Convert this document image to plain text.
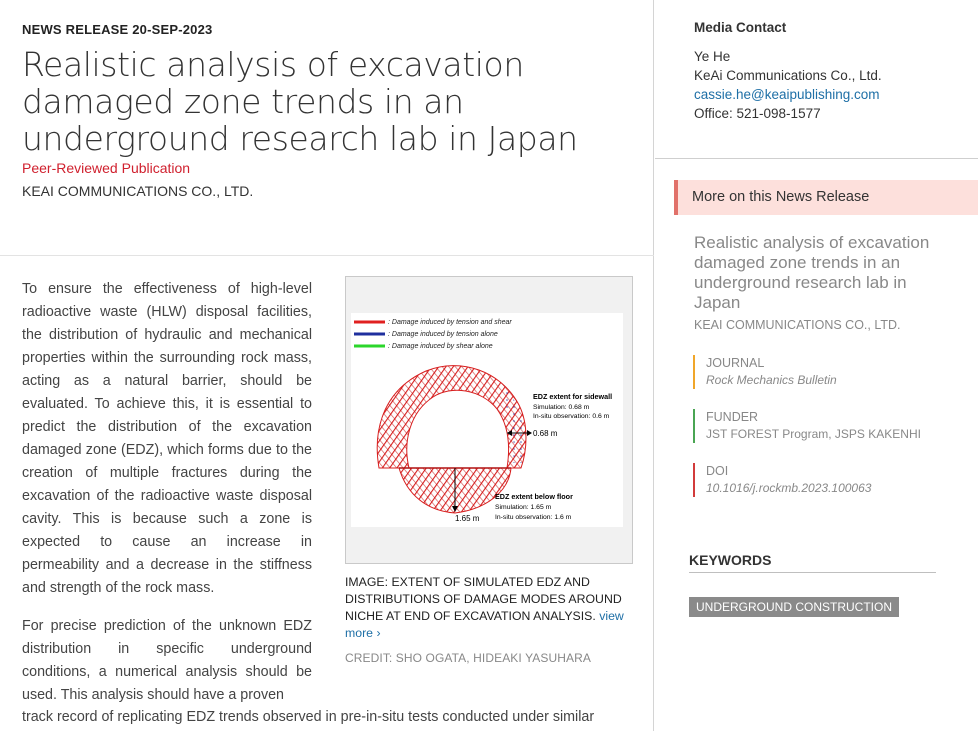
NEWS RELEASE 20-SEP-2023
Realistic analysis of excavation damaged zone trends in an underground research lab in Japan
Peer-Reviewed Publication
KEAI COMMUNICATIONS CO., LTD.

To ensure the effectiveness of high-level radioactive waste (HLW) disposal facilities, the distribution of hydraulic and mechanical properties within the surrounding rock mass, acting as a natural barrier, should be evaluated. To achieve this, it is essential to predict the distribution of the excavation damaged zone (EDZ), which forms due to the creation of multiple fractures during the excavation of the radioactive waste disposal cavity. This is because such a zone is expected to cause an increase in permeability and a decrease in the stiffness and strength of the rock mass.

For precise prediction of the unknown EDZ distribution in specific underground conditions, a numerical analysis should be used. This analysis should have a proven

track record of replicating EDZ trends observed in pre-in-situ tests conducted under similar
: Damage induced by tension and shear
: Damage induced by tension alone
: Damage induced by shear alone
0.68 m
EDZ extent for sidewall
Simulation: 0.68 m
In-situ observation: 0.6 m
1.65 m
EDZ extent below floor
Simulation: 1.65 m
In-situ observation: 1.6 m
IMAGE: EXTENT OF SIMULATED EDZ AND DISTRIBUTIONS OF DAMAGE MODES AROUND NICHE AT END OF EXCAVATION ANALYSIS. view more ›
CREDIT: SHO OGATA, HIDEAKI YASUHARA
Media Contact
Ye He
KeAi Communications Co., Ltd.
cassie.he@keaipublishing.com
Office: 521-098-1577
More on this News Release
Realistic analysis of excavation damaged zone trends in an underground research lab in Japan
KEAI COMMUNICATIONS CO., LTD.
JOURNAL
Rock Mechanics Bulletin
FUNDER
JST FOREST Program, JSPS KAKENHI
DOI
10.1016/j.rockmb.2023.100063
KEYWORDS
UNDERGROUND CONSTRUCTION
